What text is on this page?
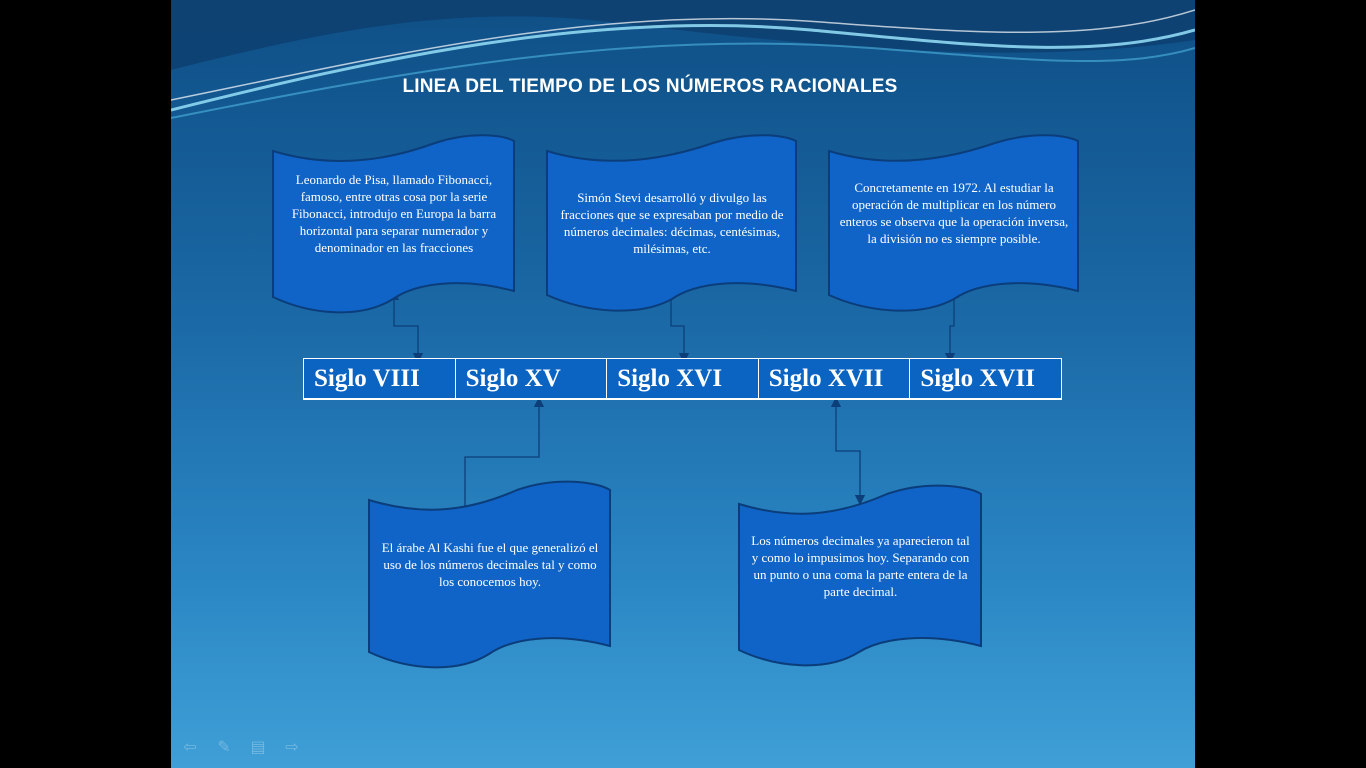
LINEA DEL TIEMPO DE LOS NÚMEROS RACIONALES
Leonardo de Pisa, llamado Fibonacci, famoso, entre otras cosa por la serie Fibonacci, introdujo en Europa la barra horizontal para separar numerador y denominador en las fracciones
Simón Stevi desarrolló y divulgo las fracciones que se expresaban por medio de números decimales: décimas, centésimas, milésimas, etc.
Concretamente en 1972. Al estudiar la operación de multiplicar en los número enteros se observa que la operación inversa, la división no es siempre posible.
Siglo VIII	Siglo XV	Siglo XVI	Siglo XVII	Siglo XVII
El árabe Al Kashi fue el que generalizó el uso de los números decimales tal y como los conocemos hoy.
Los números decimales ya aparecieron tal y como lo impusimos hoy. Separando con un punto o una coma la parte entera de la parte decimal.
⇦ ✎ ▤ ⇨
